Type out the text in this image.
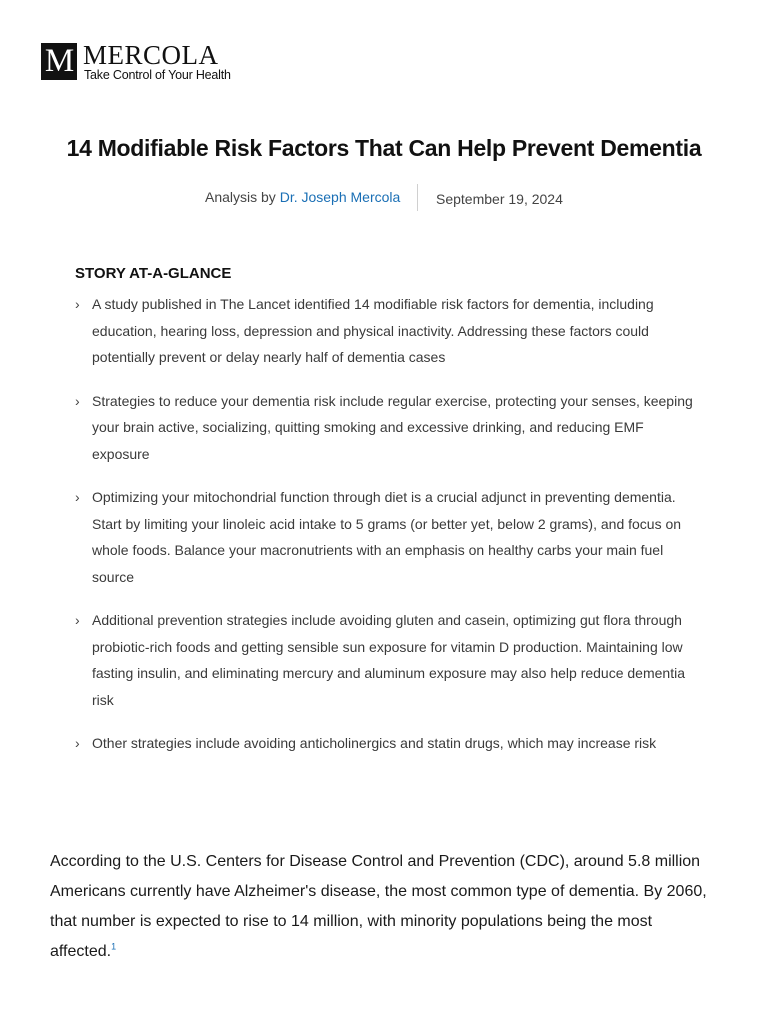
M MERCOLA
Take Control of Your Health
14 Modifiable Risk Factors That Can Help Prevent Dementia
Analysis by Dr. Joseph Mercola	September 19, 2024
STORY AT-A-GLANCE
› A study published in The Lancet identified 14 modifiable risk factors for dementia, including education, hearing loss, depression and physical inactivity. Addressing these factors could potentially prevent or delay nearly half of dementia cases
› Strategies to reduce your dementia risk include regular exercise, protecting your senses, keeping your brain active, socializing, quitting smoking and excessive drinking, and reducing EMF exposure
› Optimizing your mitochondrial function through diet is a crucial adjunct in preventing dementia. Start by limiting your linoleic acid intake to 5 grams (or better yet, below 2 grams), and focus on whole foods. Balance your macronutrients with an emphasis on healthy carbs your main fuel source
› Additional prevention strategies include avoiding gluten and casein, optimizing gut flora through probiotic-rich foods and getting sensible sun exposure for vitamin D production. Maintaining low fasting insulin, and eliminating mercury and aluminum exposure may also help reduce dementia risk
› Other strategies include avoiding anticholinergics and statin drugs, which may increase risk

According to the U.S. Centers for Disease Control and Prevention (CDC), around 5.8 million Americans currently have Alzheimer's disease, the most common type of dementia. By 2060, that number is expected to rise to 14 million, with minority populations being the most affected.$^1$
